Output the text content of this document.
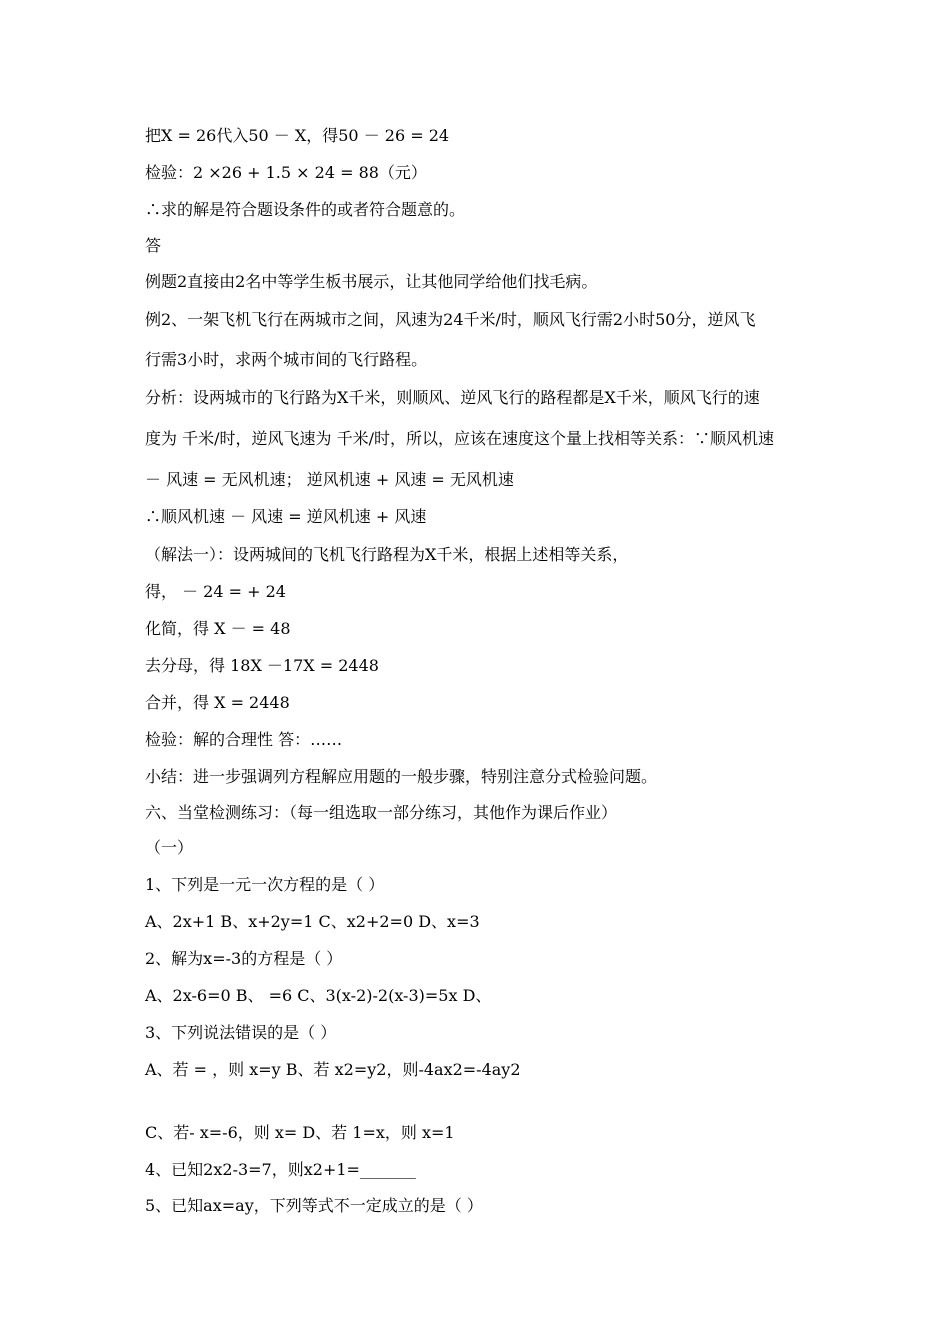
把X = 26代入50 － X，得50 － 26 = 24
检验：2 ×26 + 1.5 × 24 = 88（元）
∴求的解是符合题设条件的或者符合题意的。
答
例题2直接由2名中等学生板书展示，让其他同学给他们找毛病。
例2、一架飞机飞行在两城市之间，风速为24千米/时，顺风飞行需2小时50分，逆风飞
行需3小时，求两个城市间的飞行路程。
分析：设两城市的飞行路为X千米，则顺风、逆风飞行的路程都是X千米，顺风飞行的速
度为 千米/时，逆风飞速为 千米/时，所以，应该在速度这个量上找相等关系：∵顺风机速
－ 风速 = 无风机速； 逆风机速 + 风速 = 无风机速
∴顺风机速 － 风速 = 逆风机速 + 风速
（解法一）：设两城间的飞机飞行路程为X千米，根据上述相等关系，
得， － 24 = + 24
化简，得 X － = 48
去分母，得 18X －17X = 2448
合并，得 X = 2448
检验：解的合理性 答：……
小结：进一步强调列方程解应用题的一般步骤，特别注意分式检验问题。
六、当堂检测练习：（每一组选取一部分练习，其他作为课后作业）
（一）
1、下列是一元一次方程的是（ ）
A、2x+1 B、x+2y=1 C、x2+2=0 D、x=3
2、解为x=-3的方程是（ ）
A、2x-6=0 B、 =6 C、3(x-2)-2(x-3)=5x D、
3、下列说法错误的是（ ）
A、若 = ，则 x=y B、若 x2=y2，则-4ax2=-4ay2
C、若- x=-6，则 x= D、若 1=x，则 x=1
4、已知2x2-3=7，则x2+1=_______
5、已知ax=ay，下列等式不一定成立的是（ ）
